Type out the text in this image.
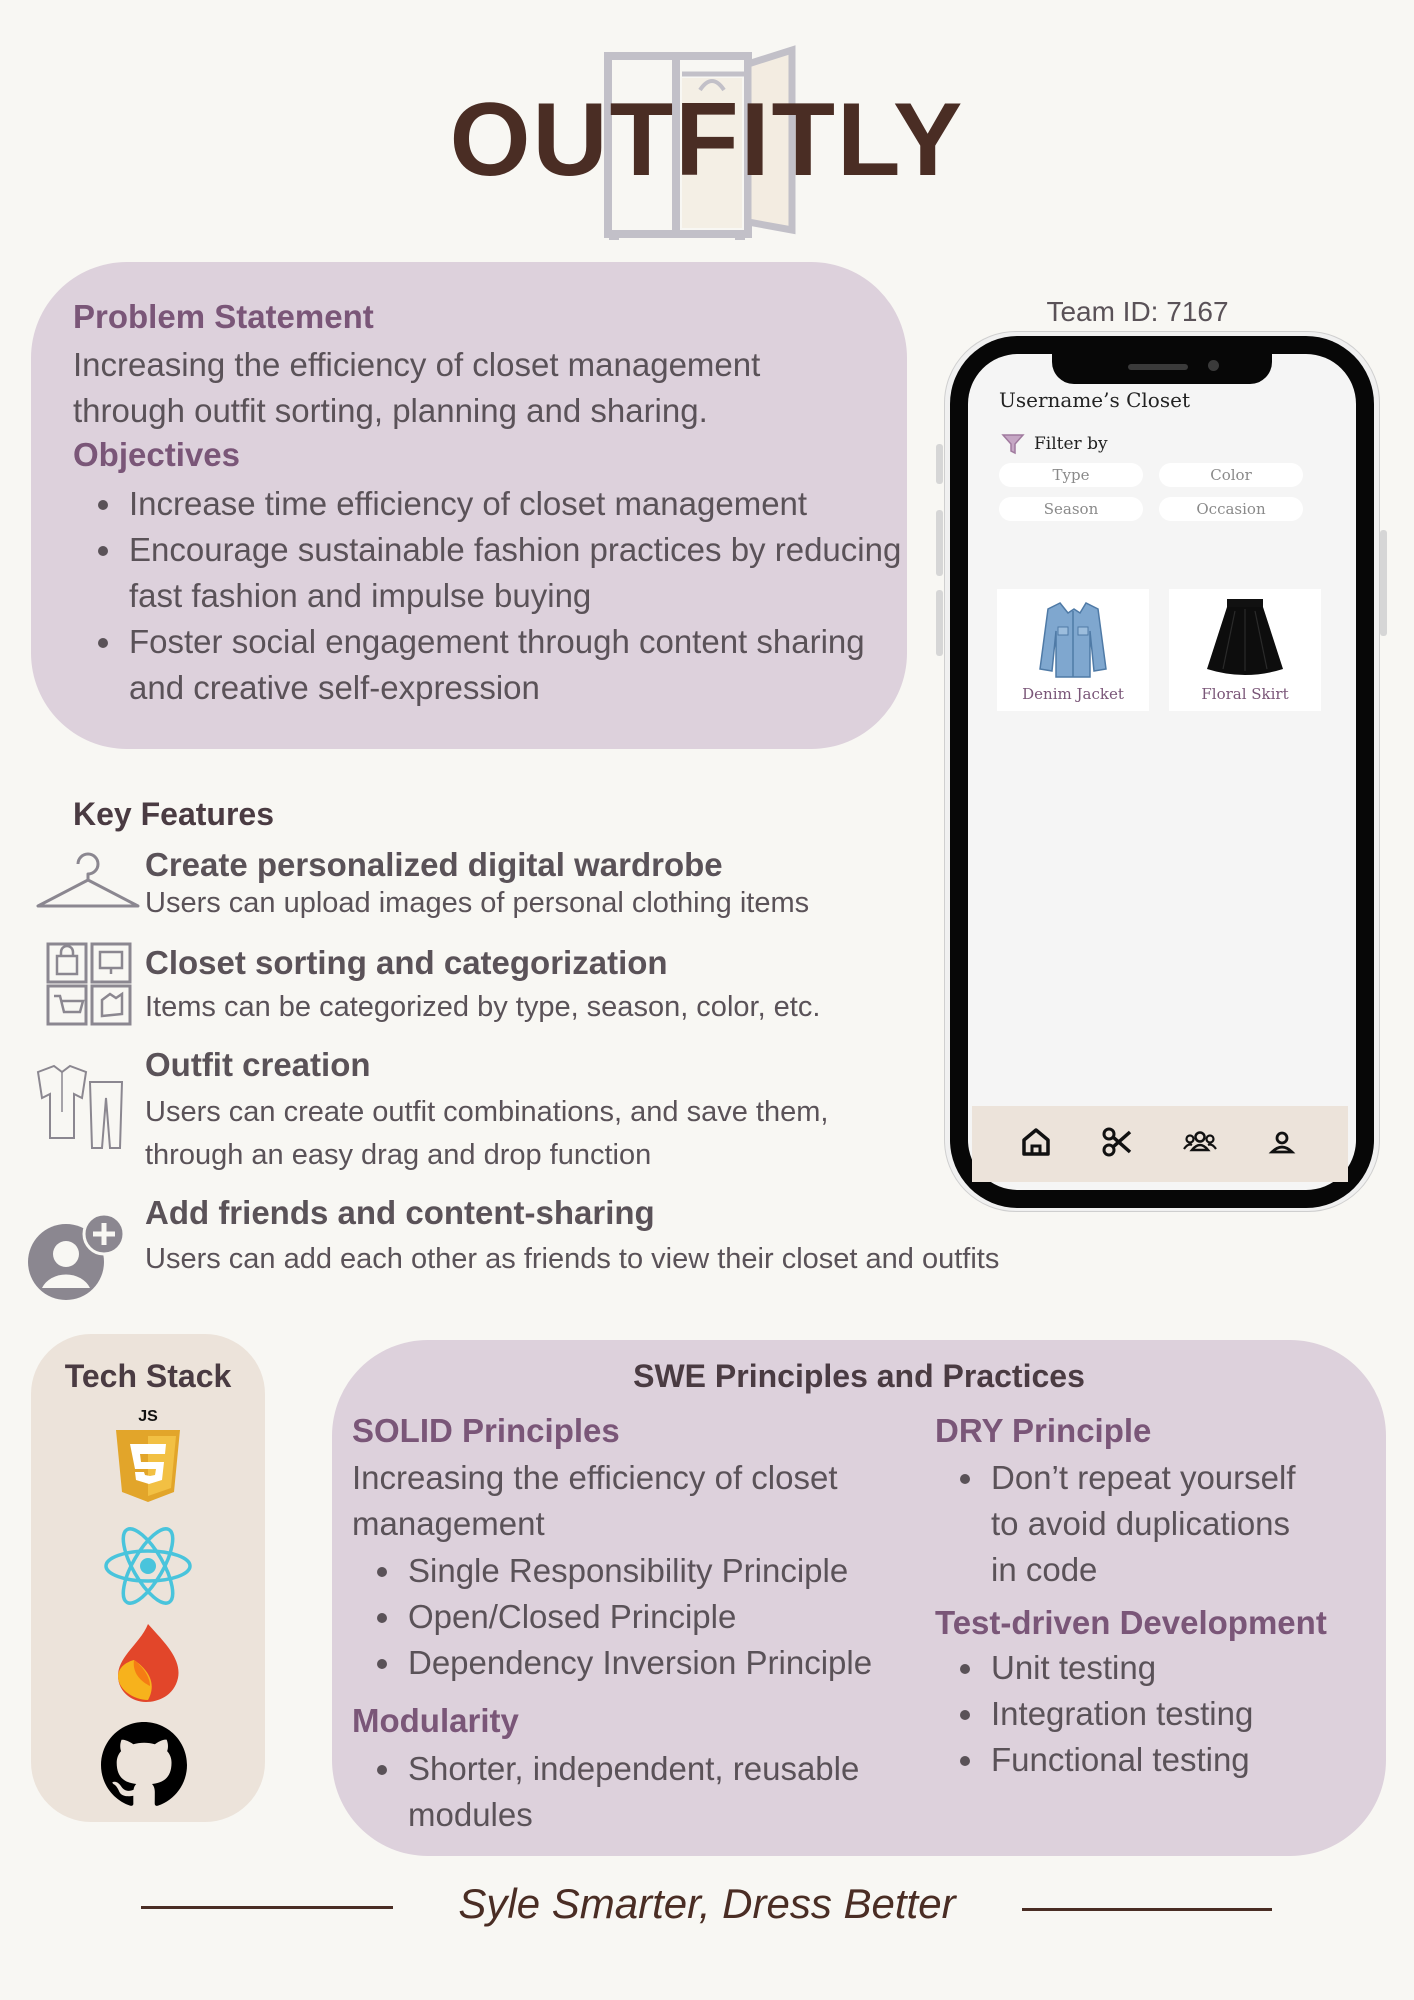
OUTFITLY
Problem Statement
Increasing the efficiency of closet management through outfit sorting, planning and sharing.
Objectives
Increase time efficiency of closet management
Encourage sustainable fashion practices by reducing fast fashion and impulse buying
Foster social engagement through content sharing and creative self-expression
Key Features
Create personalized digital wardrobe
Users can upload images of personal clothing items
Closet sorting and categorization
Items can be categorized by type, season, color, etc.
Outfit creation
Users can create outfit combinations, and save them, through an easy drag and drop function
Add friends and content-sharing
Users can add each other as friends to view their closet and outfits
Team ID: 7167
Username’s Closet
Filter by
Type	Color
Season	Occasion
Denim Jacket	Floral Skirt
Tech Stack
JS
SWE Principles and Practices
SOLID Principles
Increasing the efficiency of closet management
Single Responsibility Principle
Open/Closed Principle
Dependency Inversion Principle
Modularity
Shorter, independent, reusable modules
DRY Principle
Don’t repeat yourself to avoid duplications in code
Test-driven Development
Unit testing
Integration testing
Functional testing
Syle Smarter, Dress Better
